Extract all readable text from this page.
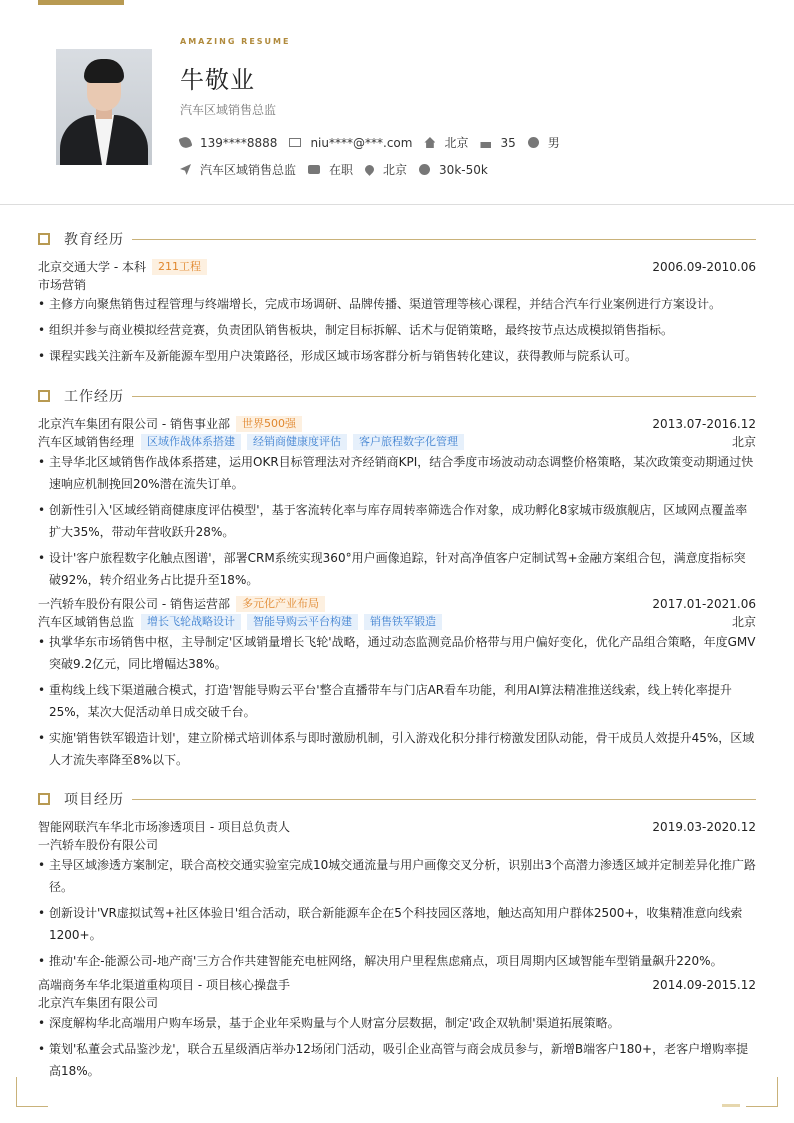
AMAZING RESUME
牛敬业
汽车区域销售总监
139****8888	niu****@***.com	北京	35	男
汽车区域销售总监	在职	北京	30k-50k
教育经历
北京交通大学 - 本科	211工程	2006.09-2010.06
市场营销
• 主修方向聚焦销售过程管理与终端增长，完成市场调研、品牌传播、渠道管理等核心课程，并结合汽车行业案例进行方案设计。
• 组织并参与商业模拟经营竞赛，负责团队销售板块，制定目标拆解、话术与促销策略，最终按节点达成模拟销售指标。
• 课程实践关注新车及新能源车型用户决策路径，形成区域市场客群分析与销售转化建议，获得教师与院系认可。
工作经历
北京汽车集团有限公司 - 销售事业部	世界500强	2013.07-2016.12
汽车区域销售经理	区域作战体系搭建	经销商健康度评估	客户旅程数字化管理	北京
• 主导华北区域销售作战体系搭建，运用OKR目标管理法对齐经销商KPI，结合季度市场波动动态调整价格策略，某次政策变动期通过快速响应机制挽回20%潜在流失订单。
• 创新性引入'区域经销商健康度评估模型'，基于客流转化率与库存周转率筛选合作对象，成功孵化8家城市级旗舰店，区域网点覆盖率扩大35%，带动年营收跃升28%。
• 设计'客户旅程数字化触点图谱'，部署CRM系统实现360°用户画像追踪，针对高净值客户定制试驾+金融方案组合包，满意度指标突破92%，转介绍业务占比提升至18%。
一汽轿车股份有限公司 - 销售运营部	多元化产业布局	2017.01-2021.06
汽车区域销售总监	增长飞轮战略设计	智能导购云平台构建	销售铁军锻造	北京
• 执掌华东市场销售中枢，主导制定'区域销量增长飞轮'战略，通过动态监测竞品价格带与用户偏好变化，优化产品组合策略，年度GMV突破9.2亿元，同比增幅达38%。
• 重构线上线下渠道融合模式，打造'智能导购云平台'整合直播带车与门店AR看车功能，利用AI算法精准推送线索，线上转化率提升25%，某次大促活动单日成交破千台。
• 实施'销售铁军锻造计划'，建立阶梯式培训体系与即时激励机制，引入游戏化积分排行榜激发团队动能，骨干成员人效提升45%，区域人才流失率降至8%以下。
项目经历
智能网联汽车华北市场渗透项目 - 项目总负责人	2019.03-2020.12
一汽轿车股份有限公司
• 主导区域渗透方案制定，联合高校交通实验室完成10城交通流量与用户画像交叉分析，识别出3个高潜力渗透区域并定制差异化推广路径。
• 创新设计'VR虚拟试驾+社区体验日'组合活动，联合新能源车企在5个科技园区落地，触达高知用户群体2500+，收集精准意向线索1200+。
• 推动'车企-能源公司-地产商'三方合作共建智能充电桩网络，解决用户里程焦虑痛点，项目周期内区域智能车型销量飙升220%。
高端商务车华北渠道重构项目 - 项目核心操盘手	2014.09-2015.12
北京汽车集团有限公司
• 深度解构华北高端用户购车场景，基于企业年采购量与个人财富分层数据，制定'政企双轨制'渠道拓展策略。
• 策划'私董会式品鉴沙龙'，联合五星级酒店举办12场闭门活动，吸引企业高管与商会成员参与，新增B端客户180+，老客户增购率提高18%。
